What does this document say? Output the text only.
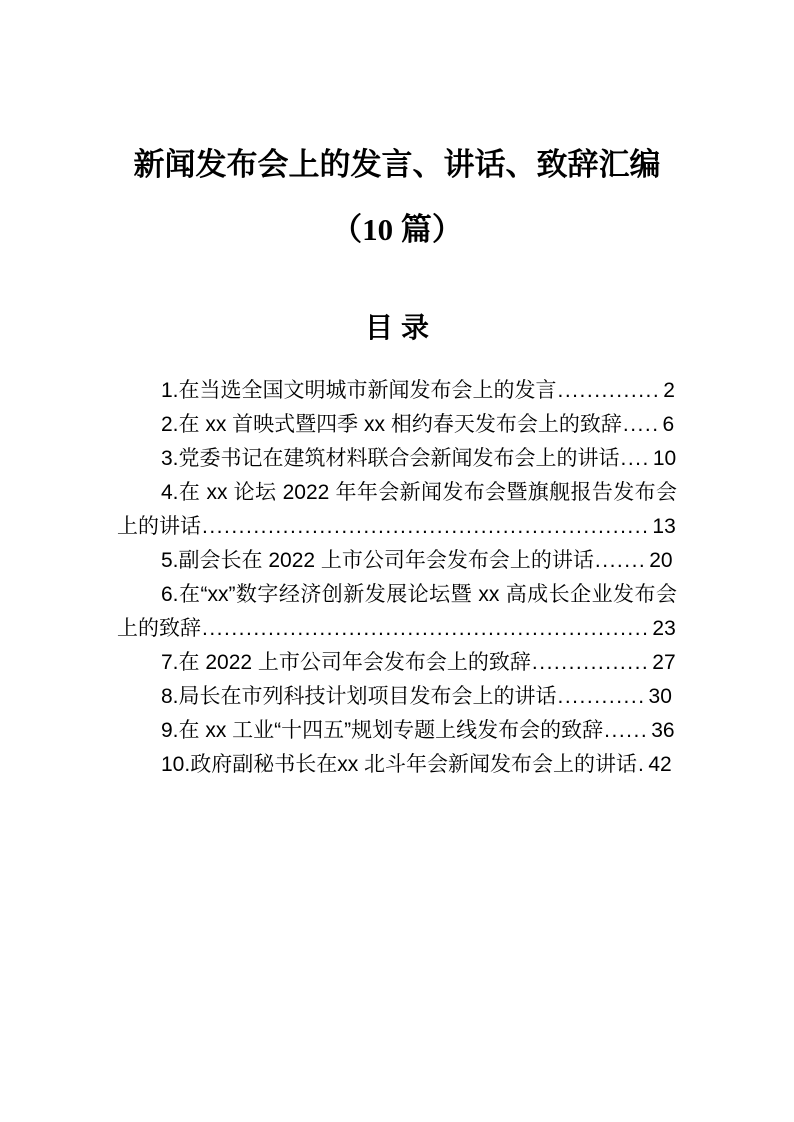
新闻发布会上的发言、讲话、致辞汇编
（10 篇）
目录

1.在当选全国文明城市新闻发布会上的发言.............. 2

2.在 xx 首映式暨四季 xx 相约春天发布会上的致辞..... 6

3.党委书记在建筑材料联合会新闻发布会上的讲话.... 10

4.在 xx 论坛 2022 年年会新闻发布会暨旗舰报告发布会上的讲话............................................................. 13

5.副会长在 2022 上市公司年会发布会上的讲话....... 20

6.在“xx”数字经济创新发展论坛暨 xx 高成长企业发布会上的致辞............................................................. 23

7.在 2022 上市公司年会发布会上的致辞................ 27

8.局长在市列科技计划项目发布会上的讲话............ 30

9.在 xx 工业“十四五”规划专题上线发布会的致辞...... 36

10.政府副秘书长在xx 北斗年会新闻发布会上的讲话. 42
